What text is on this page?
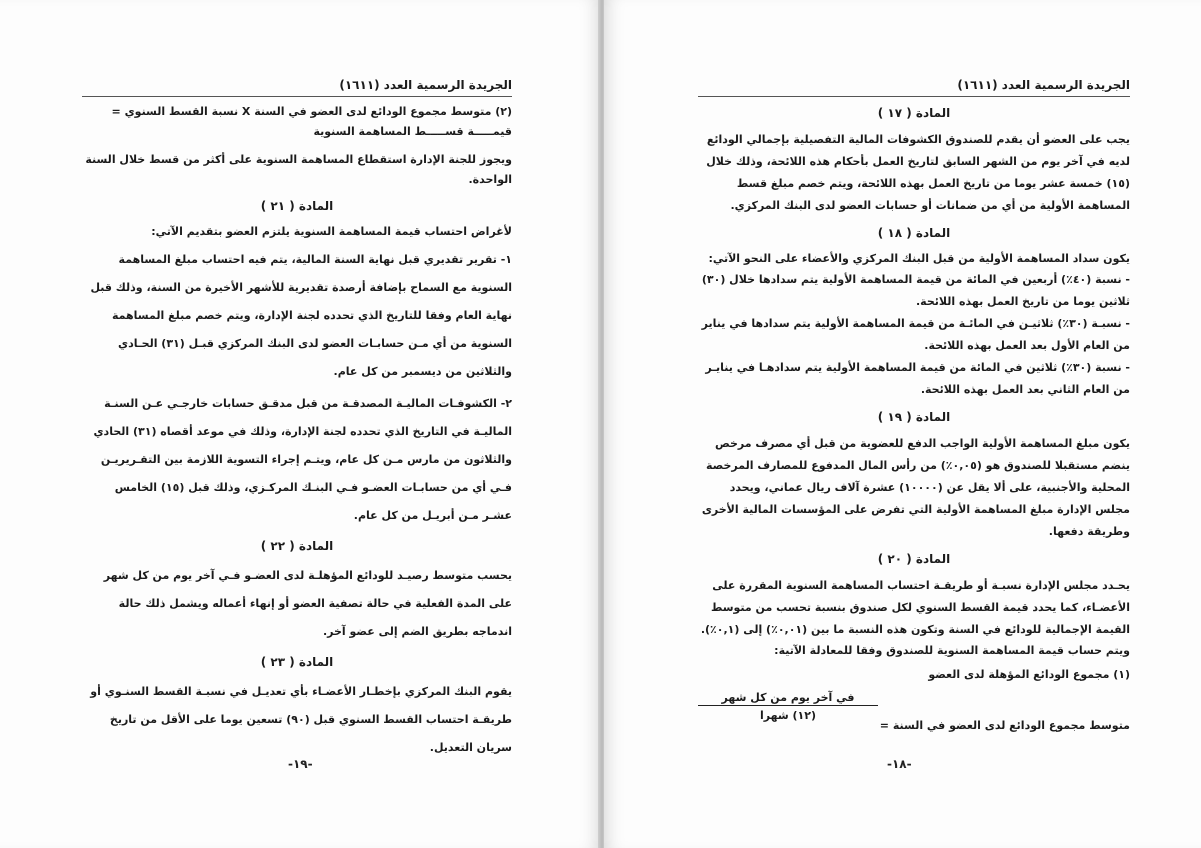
الجريدة الرسمية العدد (١٦١١)

(٢) متوسط مجموع الودائع لدى العضو في السنة X نسبة القسط السنوي = قيمـــــة قســـــط المساهمة السنوية

ويجوز للجنة الإدارة استقطاع المساهمة السنوية على أكثر من قسط خلال السنة الواحدة.

المادة ( ٢١ )

لأغراض احتساب قيمة المساهمة السنوية يلتزم العضو بتقديم الآتي:

١- تقرير تقديري قبل نهاية السنة المالية، يتم فيه احتساب مبلغ المساهمة السنوية مع السماح بإضافة أرصدة تقديرية للأشهر الأخيرة من السنة، وذلك قبل نهاية العام وفقا للتاريخ الذي تحدده لجنة الإدارة، ويتم خصم مبلغ المساهمة السنوية من أي مـن حسابـات العضو لدى البنك المركزي قبـل (٣١) الحـادي والثلاثين من ديسمبر من كل عام.

٢- الكشوفـات الماليـة المصدقـة من قبل مدقـق حسابات خارجـي عـن السنـة الماليـة في التاريخ الذي تحدده لجنة الإدارة، وذلك في موعد أقصاه (٣١) الحادي والثلاثون من مارس مـن كل عام، ويتـم إجراء التسوية اللازمة بين التقـريريـن فـي أي من حسابـات العضـو فـي البنـك المركـزي، وذلك قبل (١٥) الخامس عشـر مـن أبريـل من كل عام.

المادة ( ٢٢ )

يحسب متوسط رصيـد للودائع المؤهلـة لدى العضـو فـي آخر يوم من كل شهر على المدة الفعلية في حالة تصفية العضو أو إنهاء أعماله ويشمل ذلك حالة اندماجه بطريق الضم إلى عضو آخر.

المادة ( ٢٣ )

يقوم البنك المركزي بإخطـار الأعضـاء بأي تعديـل في نسبـة القسط السنـوي أو طريقـة احتساب القسط السنوي قبل (٩٠) تسعين يوما على الأقل من تاريخ سريان التعديل.

-١٩-
الجريدة الرسمية العدد (١٦١١)
المادة ( ١٧ )

يجب على العضو أن يقدم للصندوق الكشوفات المالية التفصيلية بإجمالي الودائع لديه في آخر يوم من الشهر السابق لتاريخ العمل بأحكام هذه اللائحة، وذلك خلال (١٥) خمسة عشر يوما من تاريخ العمل بهذه اللائحة، ويتم خصم مبلغ قسط المساهمة الأولية من أي من ضمانات أو حسابات العضو لدى البنك المركزي.

المادة ( ١٨ )

يكون سداد المساهمة الأولية من قبل البنك المركزي والأعضاء على النحو الآتي:

- نسبة (٤٠٪) أربعين في المائة من قيمة المساهمة الأولية يتم سدادها خلال (٣٠) ثلاثين يوما من تاريخ العمل بهذه اللائحة.

- نسبـة (٣٠٪) ثلاثيـن في المائـة من قيمة المساهمة الأولية يتم سدادها في يناير من العام الأول بعد العمل بهذه اللائحة.

- نسبة (٣٠٪) ثلاثين في المائة من قيمة المساهمة الأولية يتم سدادهـا في ينايـر من العام الثاني بعد العمل بهذه اللائحة.

المادة ( ١٩ )

يكون مبلغ المساهمة الأولية الواجب الدفع للعضوية من قبل أي مصرف مرخص ينضم مستقبلا للصندوق هو (٠,٠٥٪) من رأس المال المدفوع للمصارف المرخصة المحلية والأجنبية، على ألا يقل عن (١٠٠٠٠) عشرة آلاف ريال عماني، ويحدد مجلس الإدارة مبلغ المساهمة الأولية التي تفرض على المؤسسات المالية الأخرى وطريقة دفعها.

المادة ( ٢٠ )

يحـدد مجلس الإدارة نسبـة أو طريقـة احتساب المساهمة السنوية المقررة على الأعضـاء، كما يحدد قيمة القسط السنوي لكل صندوق بنسبة تحسب من متوسط القيمة الإجمالية للودائع في السنة وتكون هذه النسبة ما بين (٠,٠١٪) إلى (٠,١٪).

ويتم حساب قيمة المساهمة السنوية للصندوق وفقا للمعادلة الآتية:

(١) مجموع الودائع المؤهلة لدى العضو

متوسط مجموع الودائع لدى العضو في السنة =
في آخر يوم من كل شهر
(١٢) شهرا
-١٨-
